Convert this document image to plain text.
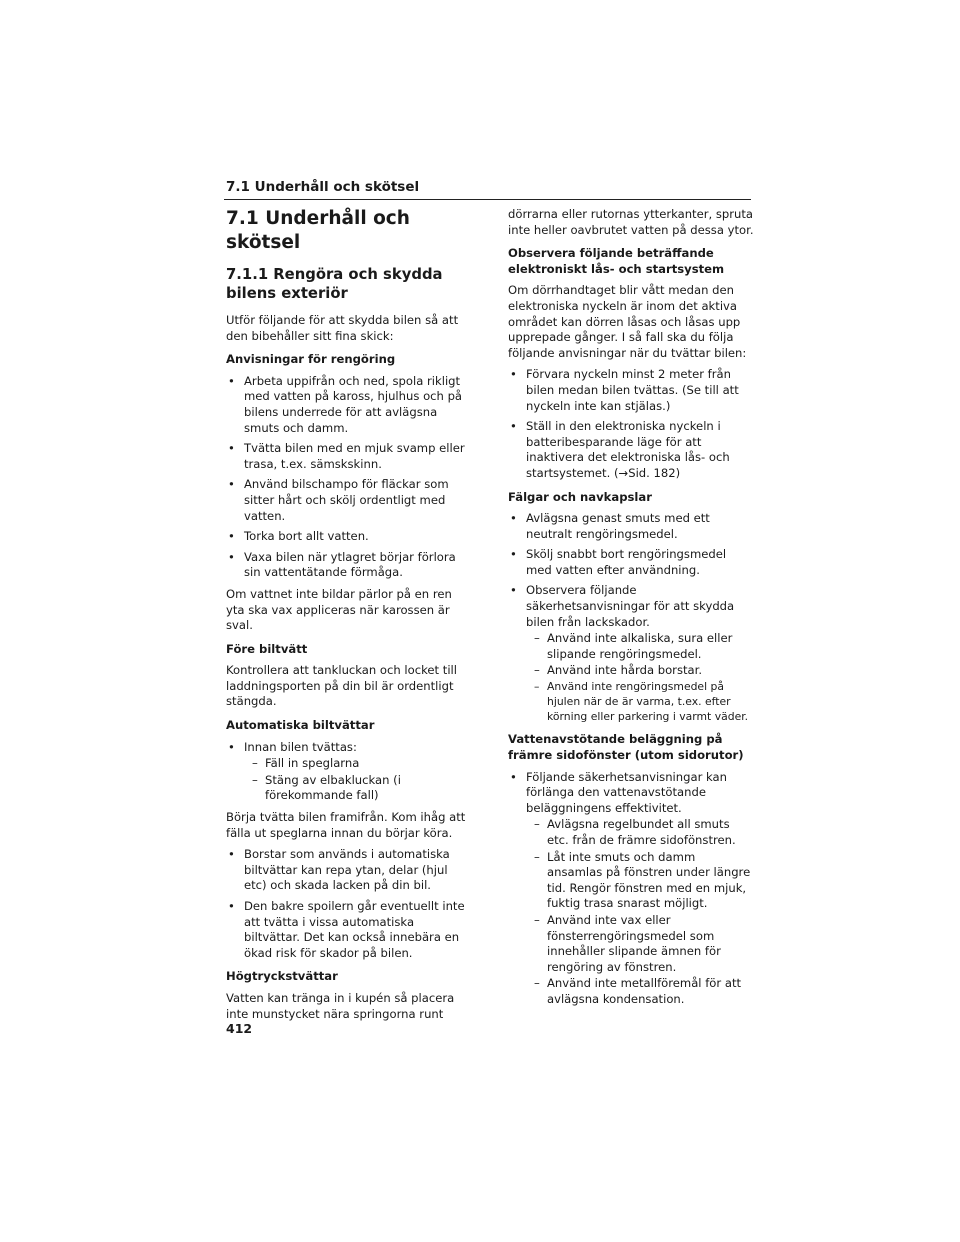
7.1 Underhåll och skötsel
7.1 Underhåll och skötsel
7.1.1 Rengöra och skydda bilens exteriör

Utför följande för att skydda bilen så att den bibehåller sitt fina skick:

Anvisningar för rengöring
• Arbeta uppifrån och ned, spola rikligt med vatten på kaross, hjulhus och på bilens underrede för att avlägsna smuts och damm.
• Tvätta bilen med en mjuk svamp eller trasa, t.ex. sämskskinn.
• Använd bilschampo för fläckar som sitter hårt och skölj ordentligt med vatten.
• Torka bort allt vatten.
• Vaxa bilen när ytlagret börjar förlora sin vattentätande förmåga.

Om vattnet inte bildar pärlor på en ren yta ska vax appliceras när karossen är sval.

Före biltvätt

Kontrollera att tankluckan och locket till laddningsporten på din bil är ordentligt stängda.

Automatiska biltvättar
• Innan bilen tvättas:
– Fäll in speglarna
– Stäng av elbakluckan (i förekommande fall)

Börja tvätta bilen framifrån. Kom ihåg att fälla ut speglarna innan du börjar köra.

• Borstar som används i automatiska biltvättar kan repa ytan, delar (hjul etc) och skada lacken på din bil.
• Den bakre spoilern går eventuellt inte att tvätta i vissa automatiska biltvättar. Det kan också innebära en ökad risk för skador på bilen.
Högtryckstvättar

Vatten kan tränga in i kupén så placera inte munstycket nära springorna runt

dörrarna eller rutornas ytterkanter, spruta inte heller oavbrutet vatten på dessa ytor.

Observera följande beträffande elektroniskt lås- och startsystem

Om dörrhandtaget blir vått medan den elektroniska nyckeln är inom det aktiva området kan dörren låsas och låsas upp upprepade gånger. I så fall ska du följa följande anvisningar när du tvättar bilen:

• Förvara nyckeln minst 2 meter från bilen medan bilen tvättas. (Se till att nyckeln inte kan stjälas.)
• Ställ in den elektroniska nyckeln i batteribesparande läge för att inaktivera det elektroniska lås- och startsystemet. (→Sid. 182)
Fälgar och navkapslar
• Avlägsna genast smuts med ett neutralt rengöringsmedel.
• Skölj snabbt bort rengöringsmedel med vatten efter användning.
• Observera följande säkerhetsanvisningar för att skydda bilen från lackskador.
– Använd inte alkaliska, sura eller slipande rengöringsmedel.
– Använd inte hårda borstar.
– Använd inte rengöringsmedel på hjulen när de är varma, t.ex. efter körning eller parkering i varmt väder.
Vattenavstötande beläggning på främre sidofönster (utom sidorutor)
• Följande säkerhetsanvisningar kan förlänga den vattenavstötande beläggningens effektivitet.
– Avlägsna regelbundet all smuts etc. från de främre sidofönstren.
– Låt inte smuts och damm ansamlas på fönstren under längre tid. Rengör fönstren med en mjuk, fuktig trasa snarast möjligt.
– Använd inte vax eller fönsterrengöringsmedel som innehåller slipande ämnen för rengöring av fönstren.
– Använd inte metallföremål för att avlägsna kondensation.
412
